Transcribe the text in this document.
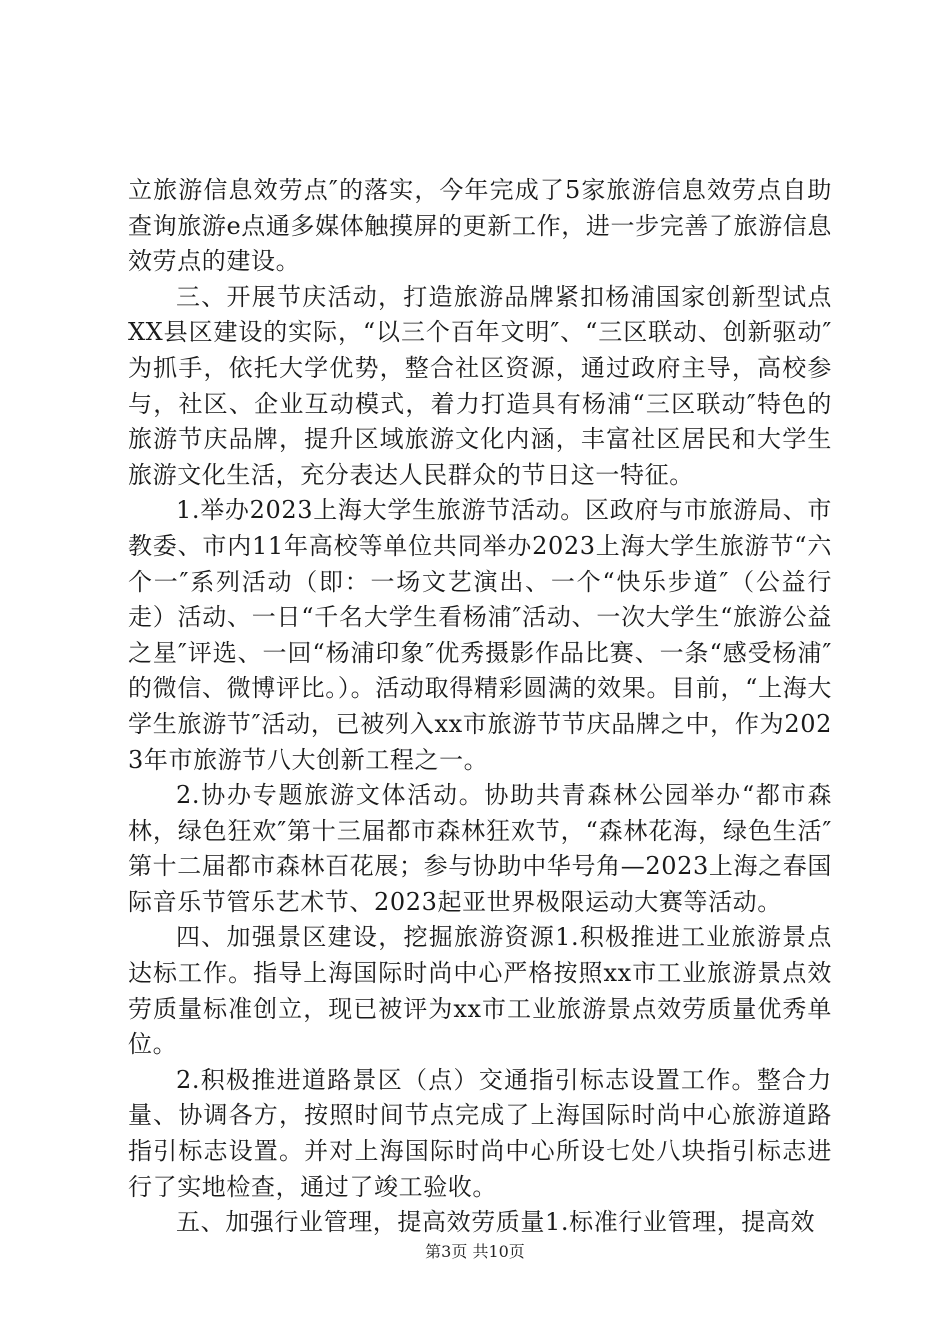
立旅游信息效劳点″的落实，今年完成了5家旅游信息效劳点自助查询旅游e点通多媒体触摸屏的更新工作，进一步完善了旅游信息效劳点的建设。

三、开展节庆活动，打造旅游品牌紧扣杨浦国家创新型试点XX县区建设的实际，“以三个百年文明″、“三区联动、创新驱动″为抓手，依托大学优势，整合社区资源，通过政府主导，高校参与，社区、企业互动模式，着力打造具有杨浦“三区联动″特色的旅游节庆品牌，提升区域旅游文化内涵，丰富社区居民和大学生旅游文化生活，充分表达人民群众的节日这一特征。

1.举办2023上海大学生旅游节活动。区政府与市旅游局、市教委、市内11年高校等单位共同举办2023上海大学生旅游节“六个一″系列活动（即：一场文艺演出、一个“快乐步道″（公益行走）活动、一日“千名大学生看杨浦″活动、一次大学生“旅游公益之星″评选、一回“杨浦印象″优秀摄影作品比赛、一条“感受杨浦″的微信、微博评比。）。活动取得精彩圆满的效果。目前，“上海大学生旅游节″活动，已被列入xx市旅游节节庆品牌之中，作为2023年市旅游节八大创新工程之一。

2.协办专题旅游文体活动。协助共青森林公园举办“都市森林，绿色狂欢″第十三届都市森林狂欢节，“森林花海，绿色生活″第十二届都市森林百花展；参与协助中华号角—2023上海之春国际音乐节管乐艺术节、2023起亚世界极限运动大赛等活动。

四、加强景区建设，挖掘旅游资源1.积极推进工业旅游景点达标工作。指导上海国际时尚中心严格按照xx市工业旅游景点效劳质量标准创立，现已被评为xx市工业旅游景点效劳质量优秀单位。

2.积极推进道路景区（点）交通指引标志设置工作。整合力量、协调各方，按照时间节点完成了上海国际时尚中心旅游道路指引标志设置。并对上海国际时尚中心所设七处八块指引标志进行了实地检查，通过了竣工验收。

五、加强行业管理，提高效劳质量1.标准行业管理，提高效

第3页 共10页
